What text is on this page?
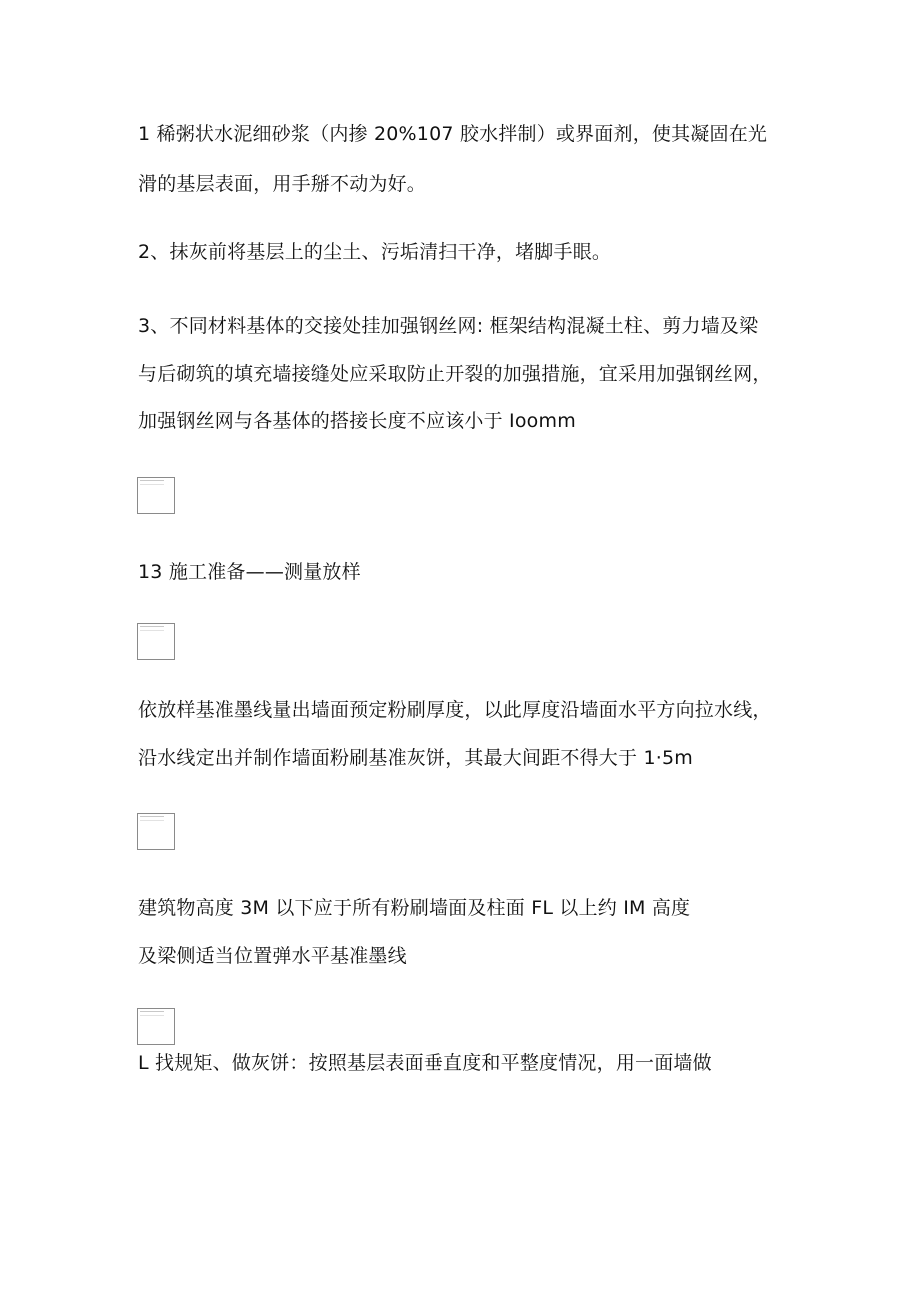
1 稀粥状水泥细砂浆（内掺 20%107 胶水拌制）或界面剂，使其凝固在光
滑的基层表面，用手掰不动为好。
2、抹灰前将基层上的尘土、污垢清扫干净，堵脚手眼。
3、不同材料基体的交接处挂加强钢丝网: 框架结构混凝土柱、剪力墙及梁
与后砌筑的填充墙接缝处应采取防止开裂的加强措施，宜采用加强钢丝网，
加强钢丝网与各基体的搭接长度不应该小于 Ioomm
13 施工准备——测量放样
依放样基准墨线量出墙面预定粉刷厚度，以此厚度沿墙面水平方向拉水线，
沿水线定出并制作墙面粉刷基准灰饼，其最大间距不得大于 1·5m
建筑物高度 3M 以下应于所有粉刷墙面及柱面 FL 以上约 IM 高度
及梁侧适当位置弹水平基准墨线
L 找规矩、做灰饼：按照基层表面垂直度和平整度情况，用一面墙做
